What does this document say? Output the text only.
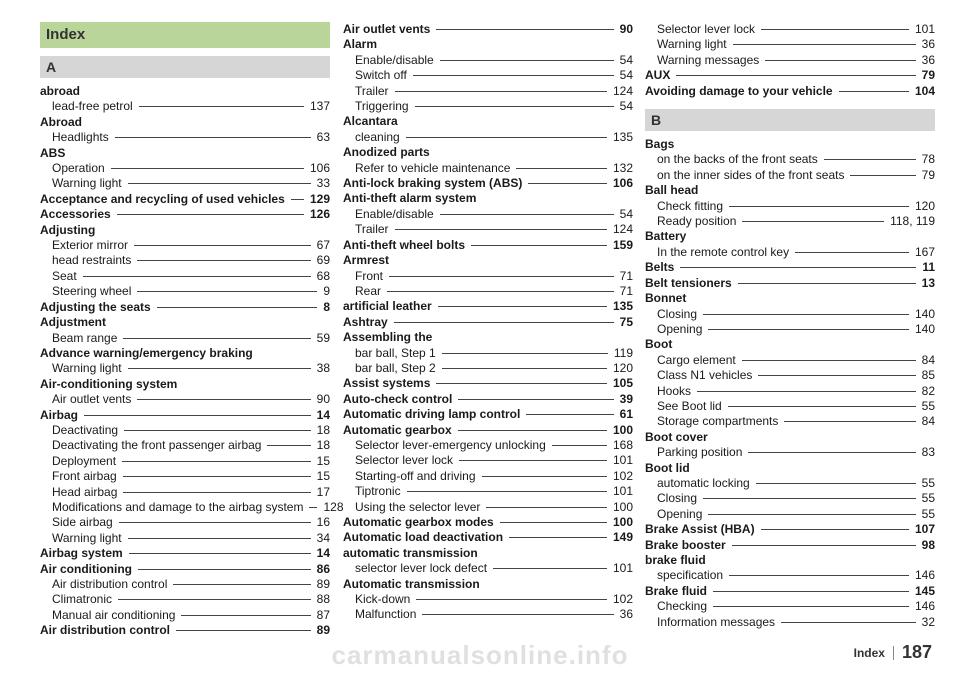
Index
A
abroad
lead-free petrol	137
Abroad
Headlights	63
ABS
Operation	106
Warning light	33
Acceptance and recycling of used vehicles 129
Accessories	126
Adjusting
Exterior mirror	67
head restraints	69
Seat	68
Steering wheel	9
Adjusting the seats	8
Adjustment
Beam range	59
Advance warning/emergency braking
Warning light	38
Air-conditioning system
Air outlet vents	90
Airbag	14
Deactivating	18
Deactivating the front passenger airbag	18
Deployment	15
Front airbag	15
Head airbag	17
Modifications and damage to the airbag system 128
Side airbag	16
Warning light	34
Airbag system	14
Air conditioning	86
Air distribution control	89
Climatronic	88
Manual air conditioning	87
Air distribution control	89
Air outlet vents	90
Alarm
Enable/disable	54
Switch off	54
Trailer	124
Triggering	54
Alcantara
cleaning	135
Anodized parts
Refer to vehicle maintenance	132
Anti-lock braking system (ABS)	106
Anti-theft alarm system
Enable/disable	54
Trailer	124
Anti-theft wheel bolts	159
Armrest
Front	71
Rear	71
artificial leather	135
Ashtray	75
Assembling the
bar ball, Step 1	119
bar ball, Step 2	120
Assist systems	105
Auto-check control	39
Automatic driving lamp control	61
Automatic gearbox	100
Selector lever-emergency unlocking	168
Selector lever lock	101
Starting-off and driving	102
Tiptronic	101
Using the selector lever	100
Automatic gearbox modes	100
Automatic load deactivation	149
automatic transmission
selector lever lock defect	101
Automatic transmission
Kick-down	102
Malfunction	36
Selector lever lock	101
Warning light	36
Warning messages	36
AUX	79
Avoiding damage to your vehicle	104
B
Bags
on the backs of the front seats	78
on the inner sides of the front seats	79
Ball head
Check fitting	120
Ready position	118, 119
Battery
In the remote control key	167
Belts	11
Belt tensioners	13
Bonnet
Closing	140
Opening	140
Boot
Cargo element	84
Class N1 vehicles	85
Hooks	82
See Boot lid	55
Storage compartments	84
Boot cover
Parking position	83
Boot lid
automatic locking	55
Closing	55
Opening	55
Brake Assist (HBA)	107
Brake booster	98
brake fluid
specification	146
Brake fluid	145
Checking	146
Information messages	32
Index 187
carmanualsonline.info
